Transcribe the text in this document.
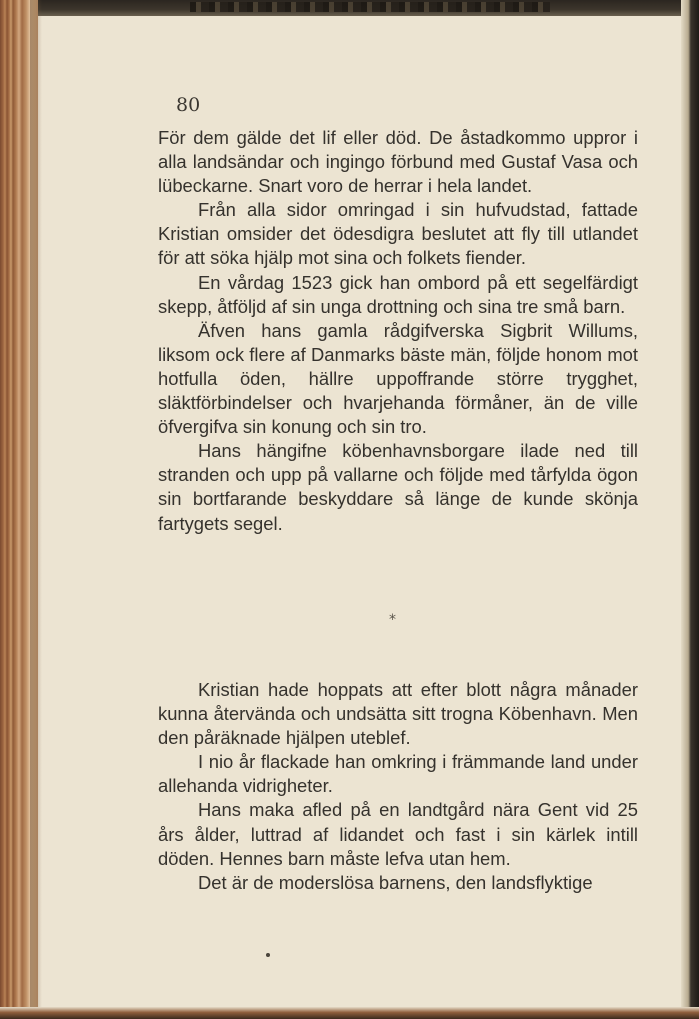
80

För dem gälde det lif eller död. De åstadkommo uppror i alla landsändar och ingingo förbund med Gustaf Vasa och lübeckarne. Snart voro de herrar i hela landet.

Från alla sidor omringad i sin hufvudstad, fattade Kristian omsider det ödesdigra beslutet att fly till utlandet för att söka hjälp mot sina och folkets fiender.

En vårdag 1523 gick han ombord på ett segelfärdigt skepp, åtföljd af sin unga drottning och sina tre små barn.

Äfven hans gamla rådgifverska Sigbrit Willums, liksom ock flere af Danmarks bäste män, följde honom mot hotfulla öden, hällre uppoffrande större trygghet, släktförbindelser och hvarjehanda förmåner, än de ville öfvergifva sin konung och sin tro.

Hans hängifne köbenhavnsborgare ilade ned till stranden och upp på vallarne och följde med tårfylda ögon sin bortfarande beskyddare så länge de kunde skönja fartygets segel.

*

Kristian hade hoppats att efter blott några månader kunna återvända och undsätta sitt trogna Köbenhavn. Men den påräknade hjälpen uteblef.

I nio år flackade han omkring i främmande land under allehanda vidrigheter.

Hans maka afled på en landtgård nära Gent vid 25 års ålder, luttrad af lidandet och fast i sin kärlek intill döden. Hennes barn måste lefva utan hem.

Det är de moderslösa barnens, den landsflyktige
